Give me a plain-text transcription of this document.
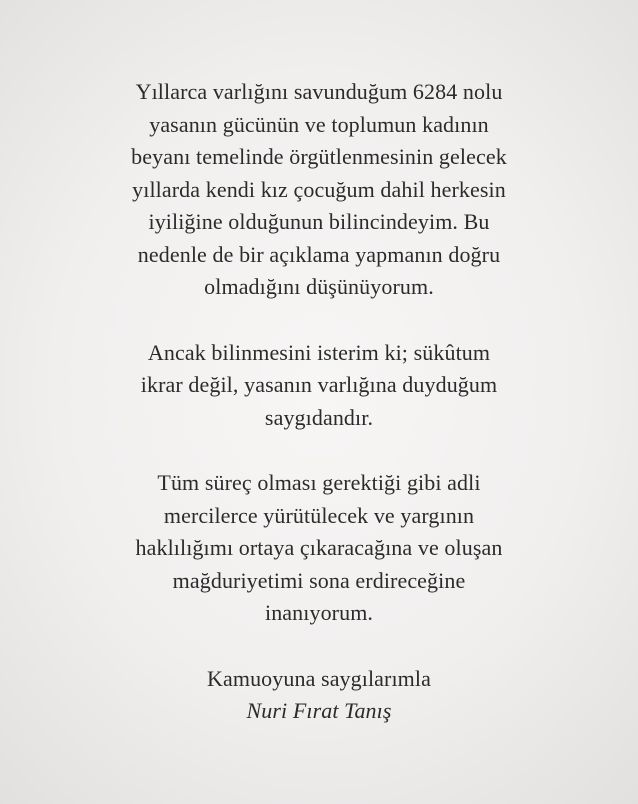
Yıllarca varlığını savunduğum 6284 nolu
yasanın gücünün ve toplumun kadının
beyanı temelinde örgütlenmesinin gelecek
yıllarda kendi kız çocuğum dahil herkesin
iyiliğine olduğunun bilincindeyim. Bu
nedenle de bir açıklama yapmanın doğru
olmadığını düşünüyorum.

Ancak bilinmesini isterim ki; sükûtum
ikrar değil, yasanın varlığına duyduğum
saygıdandır.

Tüm süreç olması gerektiği gibi adli
mercilerce yürütülecek ve yargının
haklılığımı ortaya çıkaracağına ve oluşan
mağduriyetimi sona erdireceğine
inanıyorum.

Kamuoyuna saygılarımla
Nuri Fırat Tanış
